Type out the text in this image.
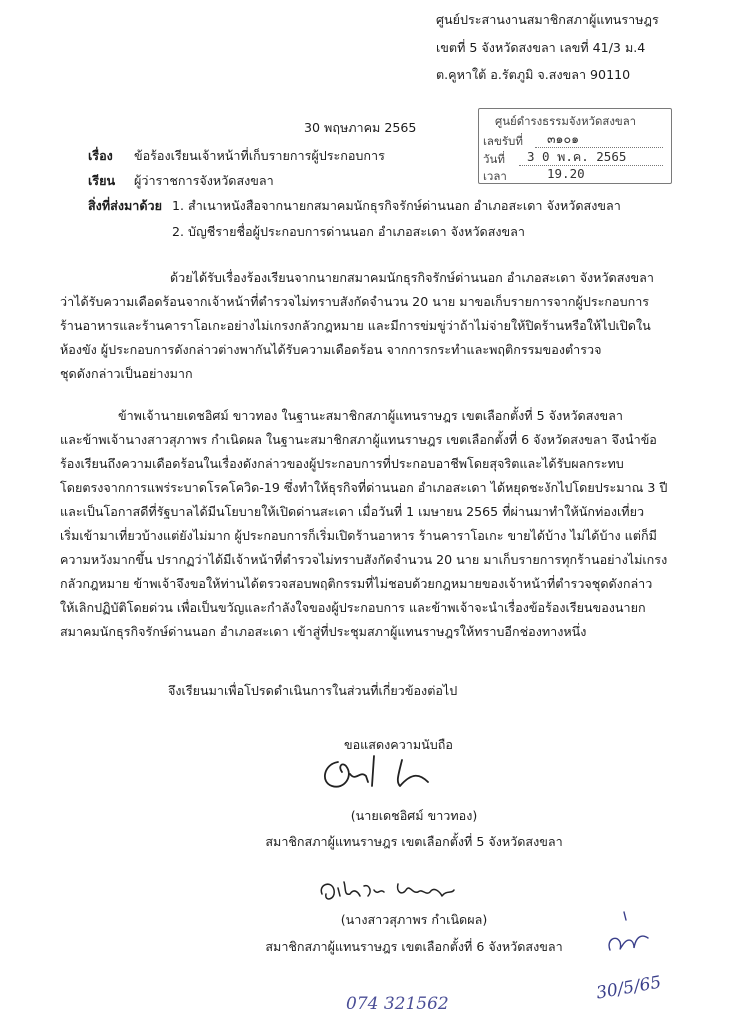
ศูนย์ประสานงานสมาชิกสภาผู้แทนราษฎร
เขตที่ 5 จังหวัดสงขลา เลขที่ 41/3 ม.4
ต.คูหาใต้ อ.รัตภูมิ จ.สงขลา 90110
ศูนย์ดำรงธรรมจังหวัดสงขลา
เลขรับที่ ๓๑๐๑
วันที่ 3 0 พ.ค. 2565
เวลา	19.20
30 พฤษภาคม 2565
เรื่อง ข้อร้องเรียนเจ้าหน้าที่เก็บรายการผู้ประกอบการ
เรียน ผู้ว่าราชการจังหวัดสงขลา
สิ่งที่ส่งมาด้วย 1. สำเนาหนังสือจากนายกสมาคมนักธุรกิจรักษ์ด่านนอก อำเภอสะเดา จังหวัดสงขลา
2. บัญชีรายชื่อผู้ประกอบการด่านนอก อำเภอสะเดา จังหวัดสงขลา
ด้วยได้รับเรื่องร้องเรียนจากนายกสมาคมนักธุรกิจรักษ์ด่านนอก อำเภอสะเดา จังหวัดสงขลา
ว่าได้รับความเดือดร้อนจากเจ้าหน้าที่ตำรวจไม่ทราบสังกัดจำนวน 20 นาย มาขอเก็บรายการจากผู้ประกอบการ
ร้านอาหารและร้านคาราโอเกะอย่างไม่เกรงกลัวกฎหมาย และมีการข่มขู่ว่าถ้าไม่จ่ายให้ปิดร้านหรือให้ไปเปิดใน
ห้องขัง ผู้ประกอบการดังกล่าวต่างพากันได้รับความเดือดร้อน จากการกระทำและพฤติกรรมของตำรวจ
ชุดดังกล่าวเป็นอย่างมาก
ข้าพเจ้านายเดชอิศม์ ขาวทอง ในฐานะสมาชิกสภาผู้แทนราษฎร เขตเลือกตั้งที่ 5 จังหวัดสงขลา
และข้าพเจ้านางสาวสุภาพร กำเนิดผล ในฐานะสมาชิกสภาผู้แทนราษฎร เขตเลือกตั้งที่ 6 จังหวัดสงขลา จึงนำข้อ
ร้องเรียนถึงความเดือดร้อนในเรื่องดังกล่าวของผู้ประกอบการที่ประกอบอาชีพโดยสุจริตและได้รับผลกระทบ
โดยตรงจากการแพร่ระบาดโรคโควิด-19 ซึ่งทำให้ธุรกิจที่ด่านนอก อำเภอสะเดา ได้หยุดชะงักไปโดยประมาณ 3 ปี
และเป็นโอกาสดีที่รัฐบาลได้มีนโยบายให้เปิดด่านสะเดา เมื่อวันที่ 1 เมษายน 2565 ที่ผ่านมาทำให้นักท่องเที่ยว
เริ่มเข้ามาเที่ยวบ้างแต่ยังไม่มาก ผู้ประกอบการก็เริ่มเปิดร้านอาหาร ร้านคาราโอเกะ ขายได้บ้าง ไม่ได้บ้าง แต่ก็มี
ความหวังมากขึ้น ปรากฏว่าได้มีเจ้าหน้าที่ตำรวจไม่ทราบสังกัดจำนวน 20 นาย มาเก็บรายการทุกร้านอย่างไม่เกรง
กลัวกฎหมาย ข้าพเจ้าจึงขอให้ท่านได้ตรวจสอบพฤติกรรมที่ไม่ชอบด้วยกฎหมายของเจ้าหน้าที่ตำรวจชุดดังกล่าว
ให้เลิกปฏิบัติโดยด่วน เพื่อเป็นขวัญและกำลังใจของผู้ประกอบการ และข้าพเจ้าจะนำเรื่องข้อร้องเรียนของนายก
สมาคมนักธุรกิจรักษ์ด่านนอก อำเภอสะเดา เข้าสู่ที่ประชุมสภาผู้แทนราษฎรให้ทราบอีกช่องทางหนึ่ง
จึงเรียนมาเพื่อโปรดดำเนินการในส่วนที่เกี่ยวข้องต่อไป
ขอแสดงความนับถือ
(นายเดชอิศม์ ขาวทอง)
สมาชิกสภาผู้แทนราษฎร เขตเลือกตั้งที่ 5 จังหวัดสงขลา
(นางสาวสุภาพร กำเนิดผล)
สมาชิกสภาผู้แทนราษฎร เขตเลือกตั้งที่ 6 จังหวัดสงขลา
30/5/65
074 321562
